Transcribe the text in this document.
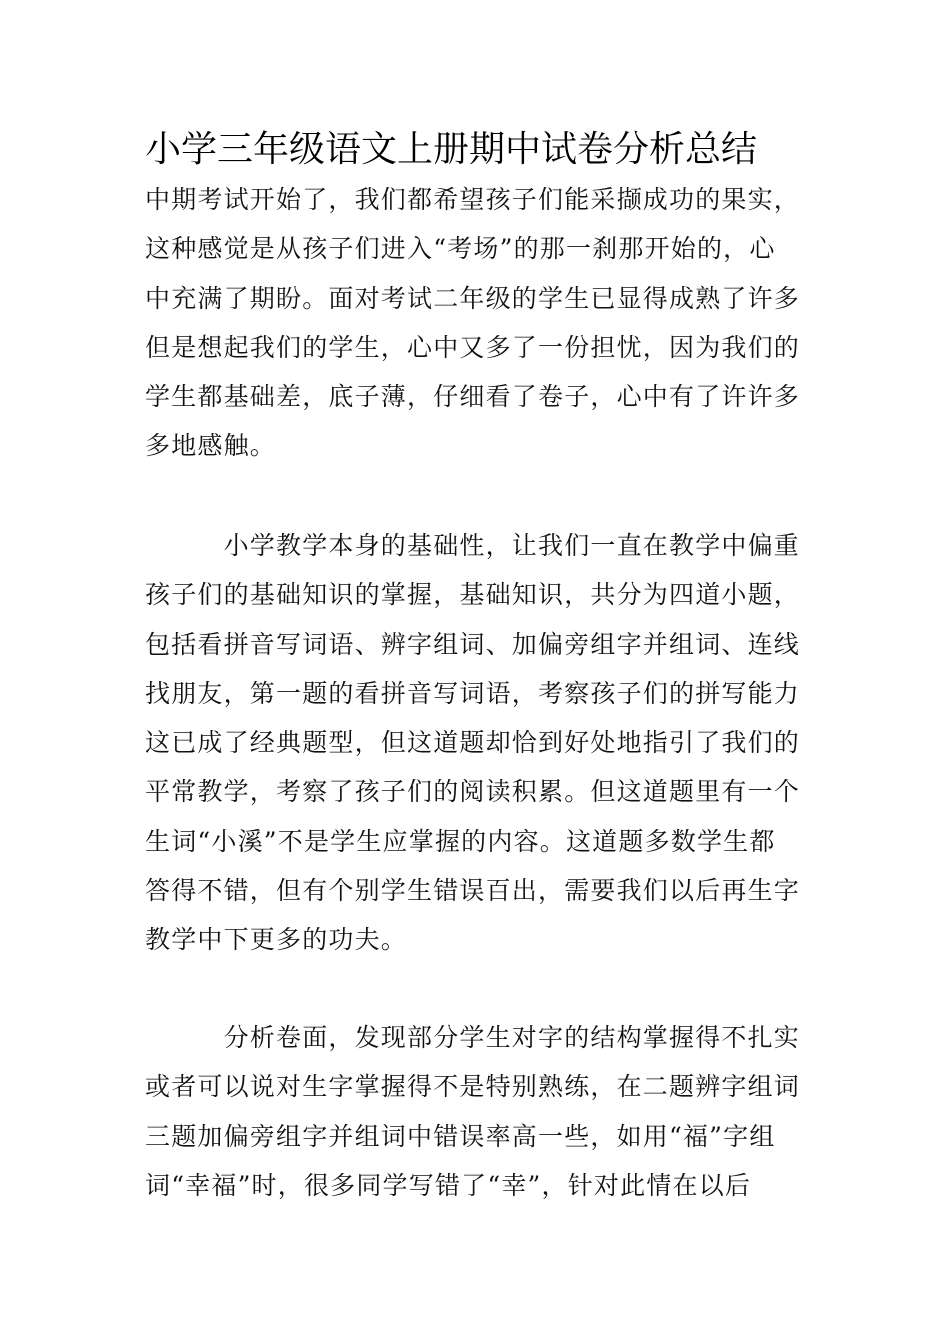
小学三年级语文上册期中试卷分析总结
中期考试开始了，我们都希望孩子们能采撷成功的果实，
这种感觉是从孩子们进入“考场”的那一刹那开始的，心
中充满了期盼。面对考试二年级的学生已显得成熟了许多
但是想起我们的学生，心中又多了一份担忧，因为我们的
学生都基础差，底子薄，仔细看了卷子，心中有了许许多
多地感触。
　　　小学教学本身的基础性，让我们一直在教学中偏重
孩子们的基础知识的掌握，基础知识，共分为四道小题，
包括看拼音写词语、辨字组词、加偏旁组字并组词、连线
找朋友，第一题的看拼音写词语，考察孩子们的拼写能力
这已成了经典题型，但这道题却恰到好处地指引了我们的
平常教学，考察了孩子们的阅读积累。但这道题里有一个
生词“小溪”不是学生应掌握的内容。这道题多数学生都
答得不错，但有个别学生错误百出，需要我们以后再生字
教学中下更多的功夫。
　　　分析卷面，发现部分学生对字的结构掌握得不扎实
或者可以说对生字掌握得不是特别熟练，在二题辨字组词
三题加偏旁组字并组词中错误率高一些，如用“福”字组
词“幸福”时，很多同学写错了“幸”，针对此情在以后
